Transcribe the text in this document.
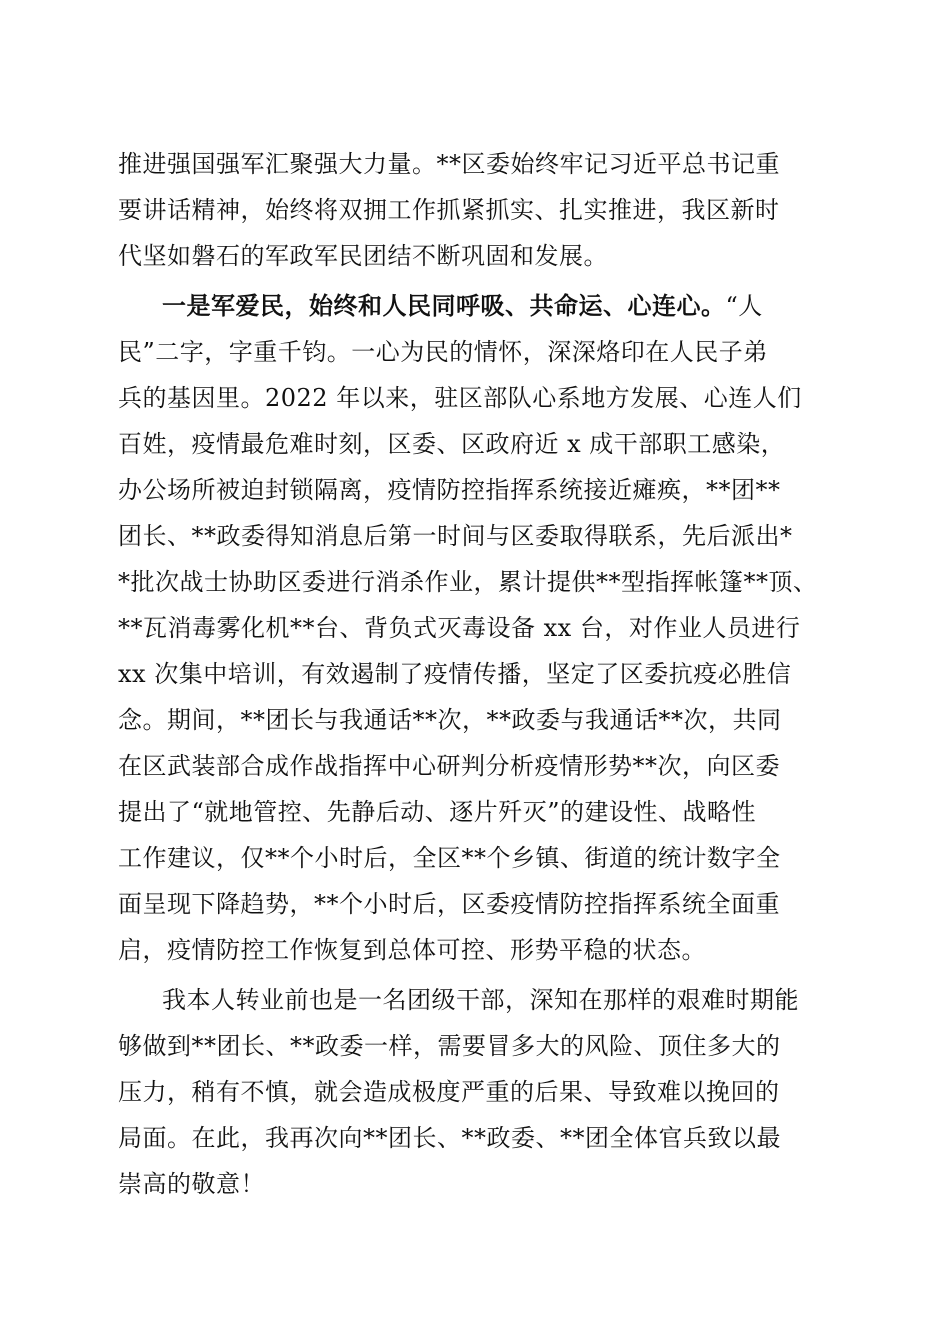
推进强国强军汇聚强大力量。**区委始终牢记习近平总书记重
要讲话精神，始终将双拥工作抓紧抓实、扎实推进，我区新时
代坚如磐石的军政军民团结不断巩固和发展。
一是军爱民，始终和人民同呼吸、共命运、心连心。“人
民”二字，字重千钧。一心为民的情怀，深深烙印在人民子弟
兵的基因里。2022 年以来，驻区部队心系地方发展、心连人们
百姓，疫情最危难时刻，区委、区政府近 x 成干部职工感染，
办公场所被迫封锁隔离，疫情防控指挥系统接近瘫痪，**团**
团长、**政委得知消息后第一时间与区委取得联系，先后派出*
*批次战士协助区委进行消杀作业，累计提供**型指挥帐篷**顶、
**瓦消毒雾化机**台、背负式灭毒设备 xx 台，对作业人员进行
xx 次集中培训，有效遏制了疫情传播，坚定了区委抗疫必胜信
念。期间，**团长与我通话**次，**政委与我通话**次，共同
在区武装部合成作战指挥中心研判分析疫情形势**次，向区委
提出了“就地管控、先静后动、逐片歼灭”的建设性、战略性
工作建议，仅**个小时后，全区**个乡镇、街道的统计数字全
面呈现下降趋势，**个小时后，区委疫情防控指挥系统全面重
启，疫情防控工作恢复到总体可控、形势平稳的状态。
我本人转业前也是一名团级干部，深知在那样的艰难时期能
够做到**团长、**政委一样，需要冒多大的风险、顶住多大的
压力，稍有不慎，就会造成极度严重的后果、导致难以挽回的
局面。在此，我再次向**团长、**政委、**团全体官兵致以最
崇高的敬意！
